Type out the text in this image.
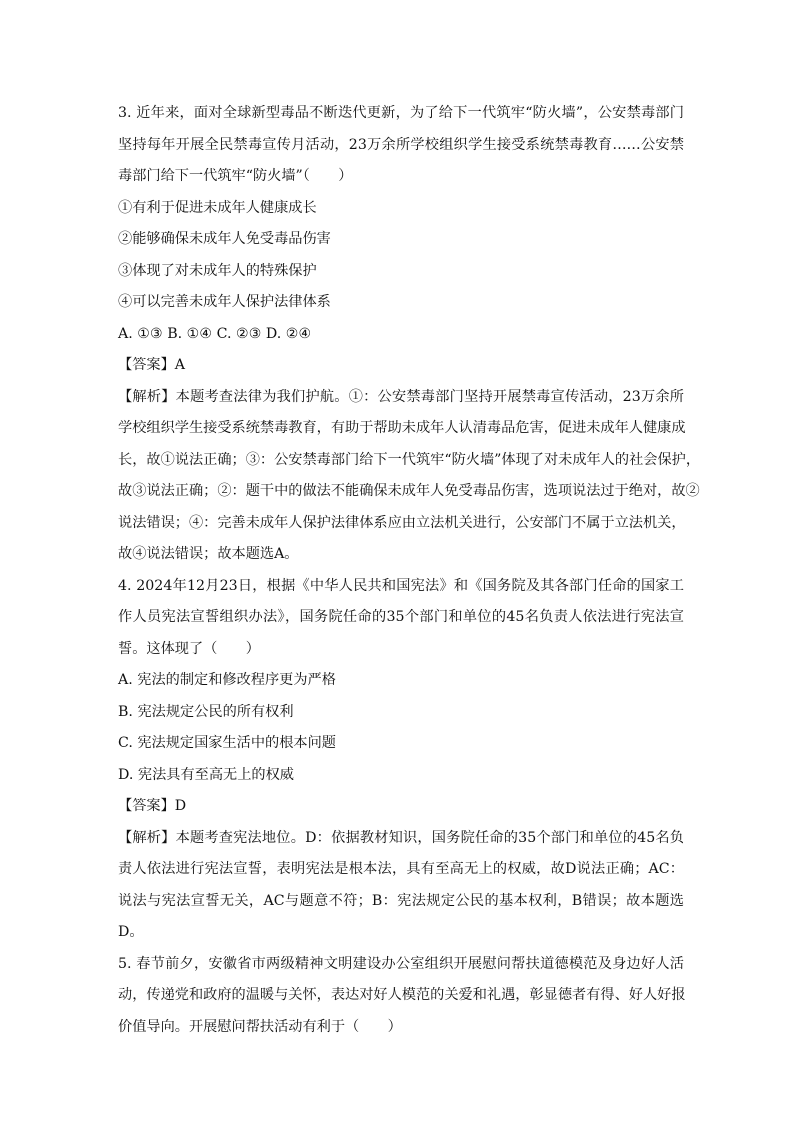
3. 近年来，面对全球新型毒品不断迭代更新，为了给下一代筑牢“防火墙”，公安禁毒部门
坚持每年开展全民禁毒宣传月活动，23万余所学校组织学生接受系统禁毒教育……公安禁
毒部门给下一代筑牢“防火墙”（　　）
①有利于促进未成年人健康成长
②能够确保未成年人免受毒品伤害
③体现了对未成年人的特殊保护
④可以完善未成年人保护法律体系
A. ①③ B. ①④ C. ②③ D. ②④
【答案】A
【解析】本题考查法律为我们护航。①：公安禁毒部门坚持开展禁毒宣传活动，23万余所
学校组织学生接受系统禁毒教育，有助于帮助未成年人认清毒品危害，促进未成年人健康成
长，故①说法正确；③：公安禁毒部门给下一代筑牢“防火墙”体现了对未成年人的社会保护，
故③说法正确；②：题干中的做法不能确保未成年人免受毒品伤害，选项说法过于绝对，故②
说法错误；④：完善未成年人保护法律体系应由立法机关进行，公安部门不属于立法机关，
故④说法错误；故本题选A。
4. 2024年12月23日，根据《中华人民共和国宪法》和《国务院及其各部门任命的国家工
作人员宪法宣誓组织办法》，国务院任命的35个部门和单位的45名负责人依法进行宪法宣
誓。这体现了（　　）
A. 宪法的制定和修改程序更为严格
B. 宪法规定公民的所有权利
C. 宪法规定国家生活中的根本问题
D. 宪法具有至高无上的权威
【答案】D
【解析】本题考查宪法地位。D：依据教材知识，国务院任命的35个部门和单位的45名负
责人依法进行宪法宣誓，表明宪法是根本法，具有至高无上的权威，故D说法正确；AC：
说法与宪法宣誓无关，AC与题意不符；B：宪法规定公民的基本权利，B错误；故本题选
D。
5. 春节前夕，安徽省市两级精神文明建设办公室组织开展慰问帮扶道德模范及身边好人活
动，传递党和政府的温暖与关怀，表达对好人模范的关爱和礼遇，彰显德者有得、好人好报
价值导向。开展慰问帮扶活动有利于（　　）
